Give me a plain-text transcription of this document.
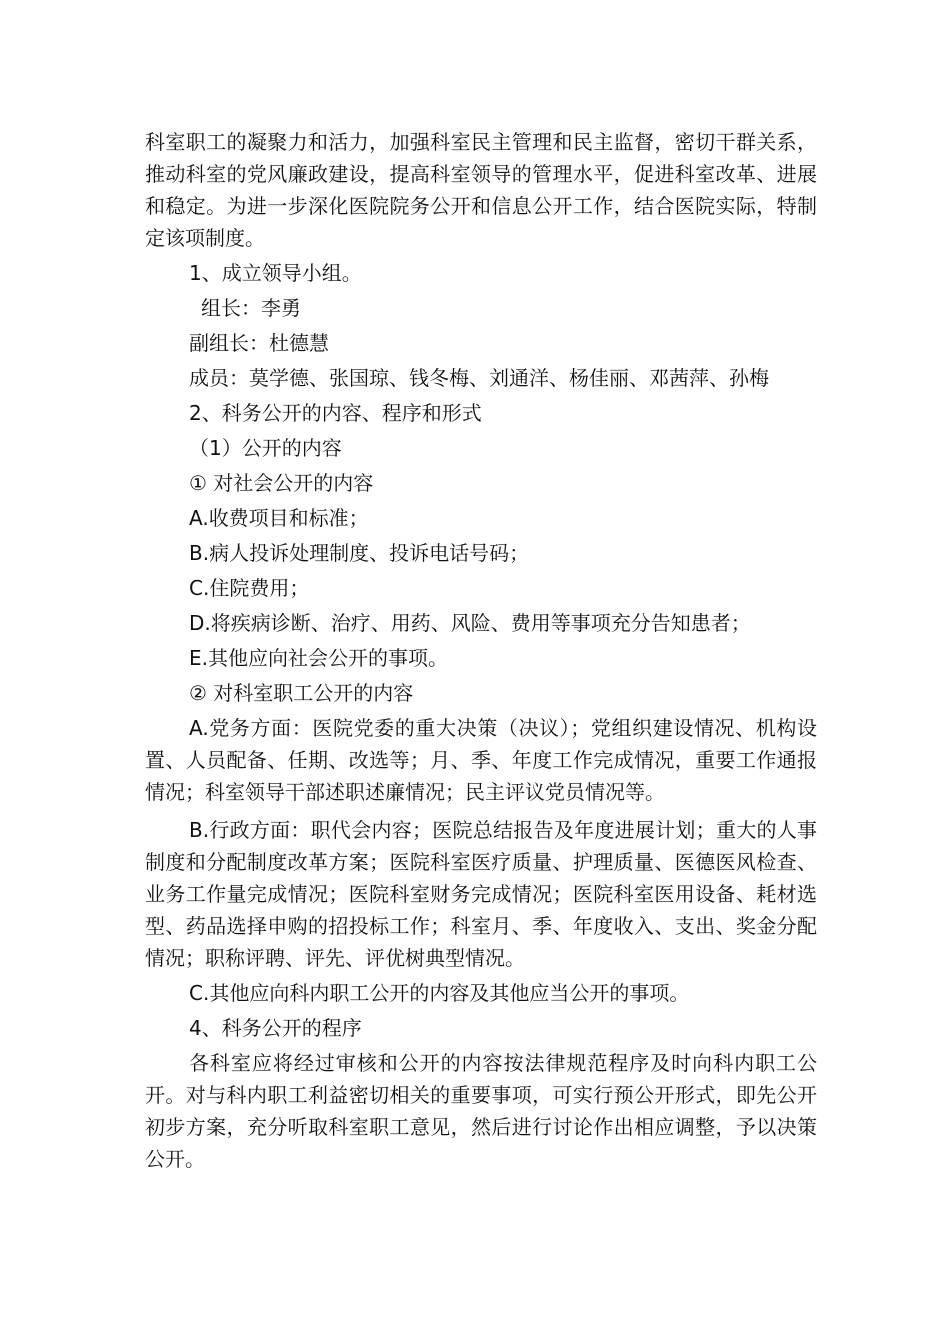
科室职工的凝聚力和活力，加强科室民主管理和民主监督，密切干群关系，推动科室的党风廉政建设，提高科室领导的管理水平，促进科室改革、进展和稳定。为进一步深化医院院务公开和信息公开工作，结合医院实际，特制定该项制度。

1、成立领导小组。

组长：李勇

副组长：杜德慧

成员：莫学德、张国琼、钱冬梅、刘通洋、杨佳丽、邓茜萍、孙梅

2、科务公开的内容、程序和形式

（1）公开的内容

① 对社会公开的内容

A.收费项目和标准；

B.病人投诉处理制度、投诉电话号码；

C.住院费用；

D.将疾病诊断、治疗、用药、风险、费用等事项充分告知患者；

E.其他应向社会公开的事项。

② 对科室职工公开的内容

A.党务方面：医院党委的重大决策（决议）；党组织建设情况、机构设置、人员配备、任期、改选等；月、季、年度工作完成情况，重要工作通报情况；科室领导干部述职述廉情况；民主评议党员情况等。

B.行政方面：职代会内容；医院总结报告及年度进展计划；重大的人事制度和分配制度改革方案；医院科室医疗质量、护理质量、医德医风检查、业务工作量完成情况；医院科室财务完成情况；医院科室医用设备、耗材选型、药品选择申购的招投标工作；科室月、季、年度收入、支出、奖金分配情况；职称评聘、评先、评优树典型情况。

C.其他应向科内职工公开的内容及其他应当公开的事项。

4、科务公开的程序

各科室应将经过审核和公开的内容按法律规范程序及时向科内职工公开。对与科内职工利益密切相关的重要事项，可实行预公开形式，即先公开初步方案，充分听取科室职工意见，然后进行讨论作出相应调整，予以决策公开。
